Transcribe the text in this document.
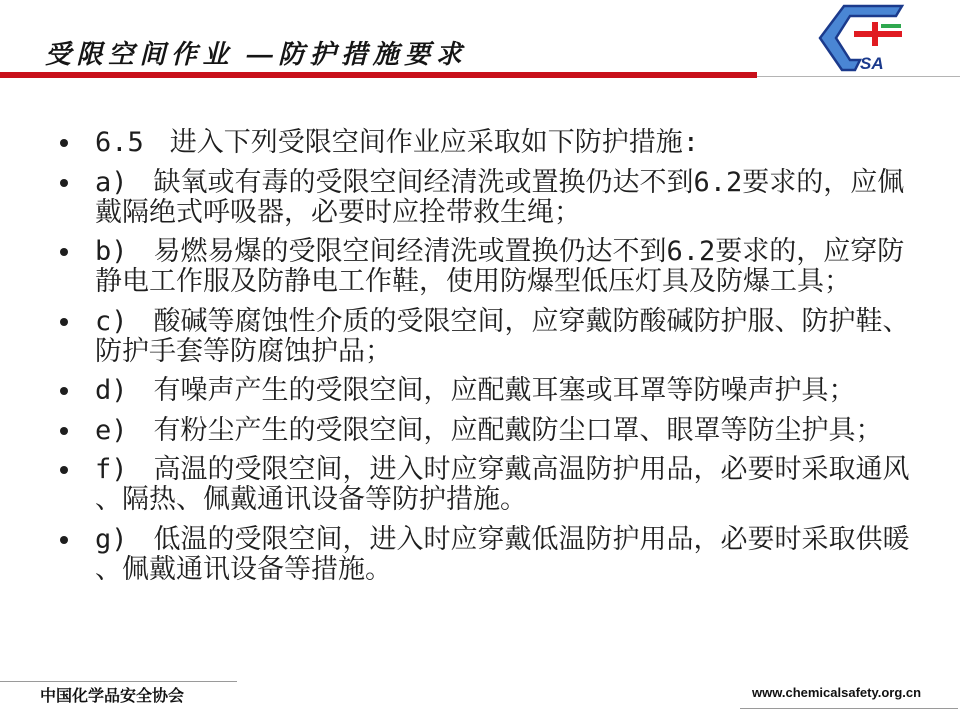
受限空间作业 —防护措施要求	SA
6.5 进入下列受限空间作业应采取如下防护措施:
a) 缺氧或有毒的受限空间经清洗或置换仍达不到6.2要求的，应佩
戴隔绝式呼吸器，必要时应拴带救生绳；
b) 易燃易爆的受限空间经清洗或置换仍达不到6.2要求的，应穿防
静电工作服及防静电工作鞋，使用防爆型低压灯具及防爆工具；
c) 酸碱等腐蚀性介质的受限空间，应穿戴防酸碱防护服、防护鞋、
防护手套等防腐蚀护品；
d) 有噪声产生的受限空间，应配戴耳塞或耳罩等防噪声护具；
e) 有粉尘产生的受限空间，应配戴防尘口罩、眼罩等防尘护具；
f) 高温的受限空间，进入时应穿戴高温防护用品，必要时采取通风
、隔热、佩戴通讯设备等防护措施。
g) 低温的受限空间，进入时应穿戴低温防护用品，必要时采取供暖
、佩戴通讯设备等措施。
中国化学品安全协会	www.chemicalsafety.org.cn
